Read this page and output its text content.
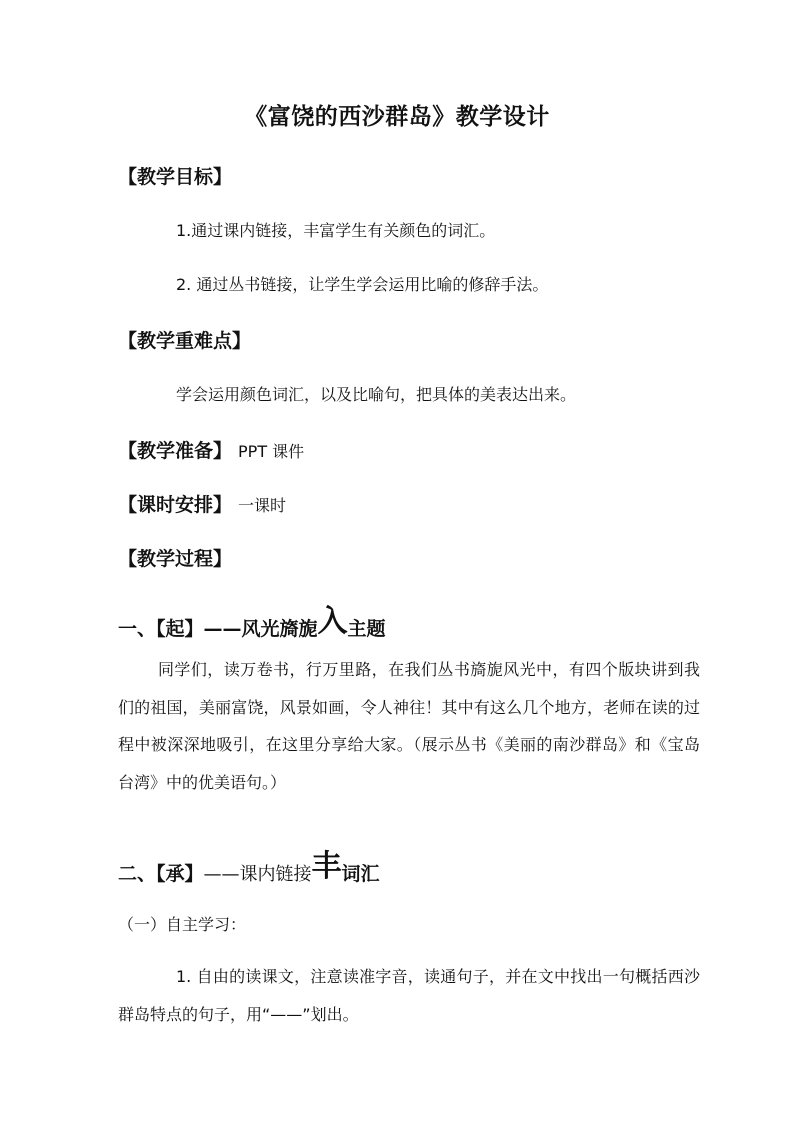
《富饶的西沙群岛》教学设计
【教学目标】
1.通过课内链接，丰富学生有关颜色的词汇。
2. 通过丛书链接，让学生学会运用比喻的修辞手法。
【教学重难点】
学会运用颜色词汇，以及比喻句，把具体的美表达出来。
【教学准备】 PPT 课件
【课时安排】 一课时
【教学过程】
一、【起】——风光旖旎入主题
同学们，读万卷书，行万里路，在我们丛书旖旎风光中，有四个版块讲到我们的祖国，美丽富饶，风景如画，令人神往！其中有这么几个地方，老师在读的过程中被深深地吸引，在这里分享给大家。（展示丛书《美丽的南沙群岛》和《宝岛台湾》中的优美语句。）
二、【承】——课内链接丰词汇
（一）自主学习：
1. 自由的读课文，注意读准字音，读通句子，并在文中找出一句概括西沙群岛特点的句子，用“——”划出。
